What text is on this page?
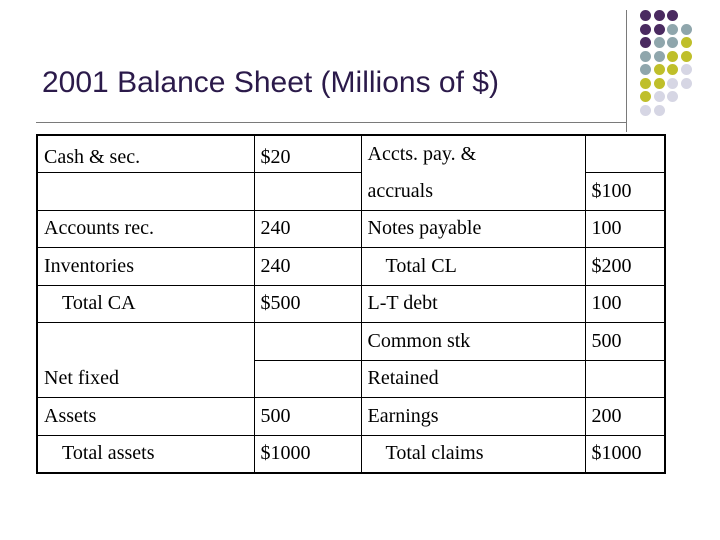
2001 Balance Sheet (Millions of $)
Cash & sec.	$20	Accts. pay. &	
		accruals	$100
Accounts rec.	240	Notes payable	100
Inventories	240	Total CL	$200
Total CA	$500	L-T debt	100
		Common stk	500
Net fixed		Retained	
Assets	500	Earnings	200
Total assets	$1000	Total claims	$1000
